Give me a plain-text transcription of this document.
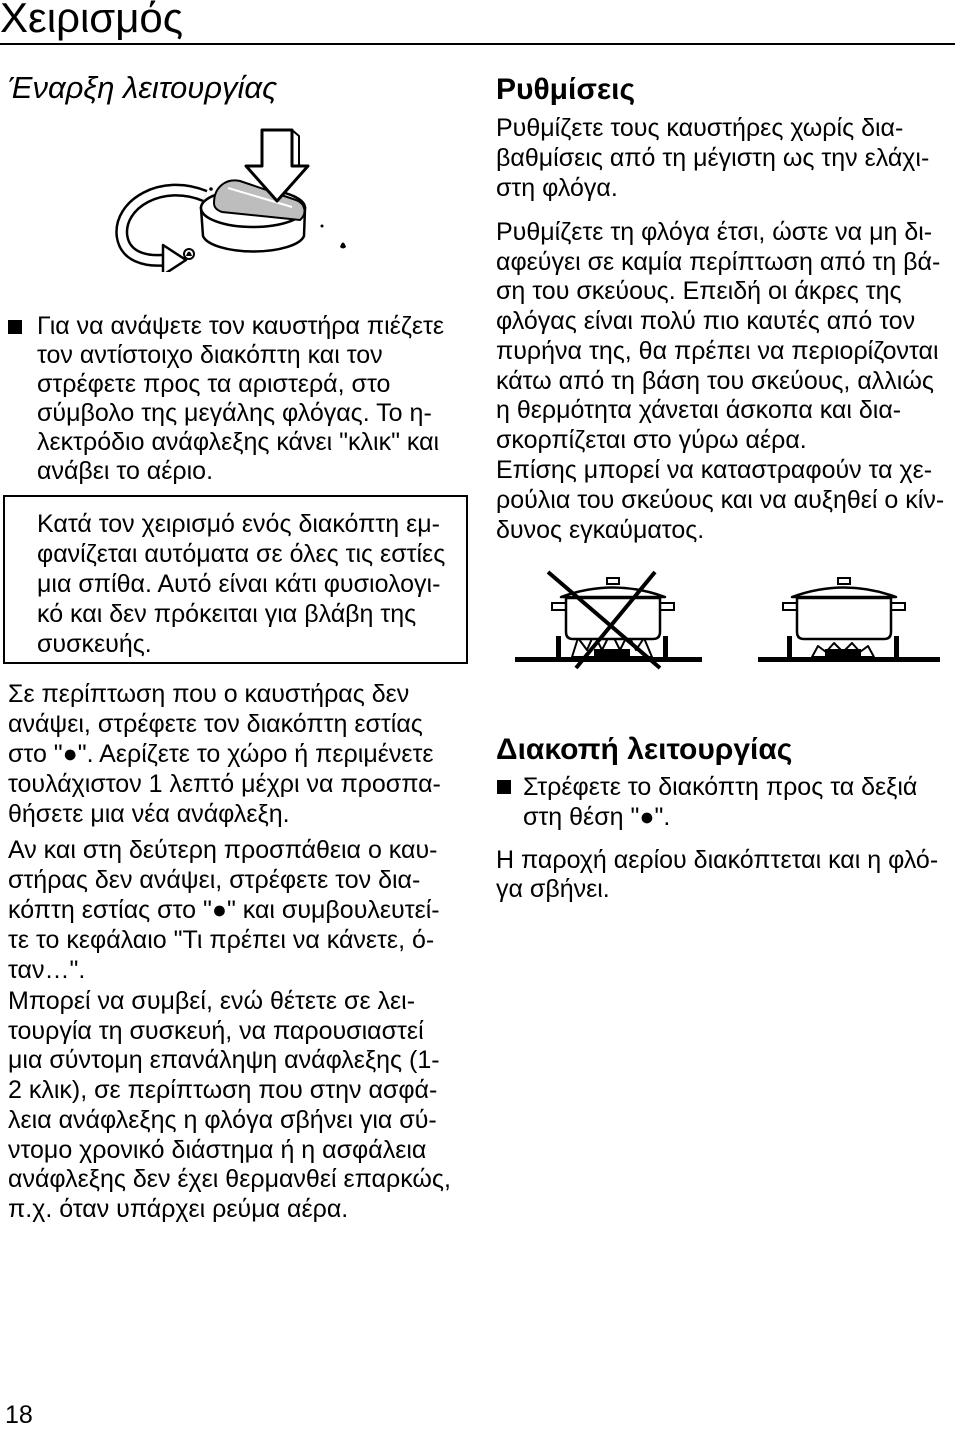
Χειρισμός
Έναρξη λειτουργίας
Για να ανάψετε τον καυστήρα πιέζετε
τον αντίστοιχο διακόπτη και τον
στρέφετε προς τα αριστερά, στο
σύμβολο της μεγάλης φλόγας. Το η-
λεκτρόδιο ανάφλεξης κάνει "κλικ" και
ανάβει το αέριο.
Κατά τον χειρισμό ενός διακόπτη εμ-
φανίζεται αυτόματα σε όλες τις εστίες
μια σπίθα. Αυτό είναι κάτι φυσιολογι-
κό και δεν πρόκειται για βλάβη της
συσκευής.
Σε περίπτωση που ο καυστήρας δεν
ανάψει, στρέφετε τον διακόπτη εστίας
στο "●". Αερίζετε το χώρο ή περιμένετε
τουλάχιστον 1 λεπτό μέχρι να προσπα-
θήσετε μια νέα ανάφλεξη.
Αν και στη δεύτερη προσπάθεια ο καυ-
στήρας δεν ανάψει, στρέφετε τον δια-
κόπτη εστίας στο "●" και συμβουλευτεί-
τε το κεφάλαιο "Τι πρέπει να κάνετε, ό-
ταν…".
Μπορεί να συμβεί, ενώ θέτετε σε λει-
τουργία τη συσκευή, να παρουσιαστεί
μια σύντομη επανάληψη ανάφλεξης (1-
2 κλικ), σε περίπτωση που στην ασφά-
λεια ανάφλεξης η φλόγα σβήνει για σύ-
ντομο χρονικό διάστημα ή η ασφάλεια
ανάφλεξης δεν έχει θερμανθεί επαρκώς,
π.χ. όταν υπάρχει ρεύμα αέρα.
Ρυθμίσεις
Ρυθμίζετε τους καυστήρες χωρίς δια-
βαθμίσεις από τη μέγιστη ως την ελάχι-
στη φλόγα.
Ρυθμίζετε τη φλόγα έτσι, ώστε να μη δι-
αφεύγει σε καμία περίπτωση από τη βά-
ση του σκεύους. Επειδή οι άκρες της
φλόγας είναι πολύ πιο καυτές από τον
πυρήνα της, θα πρέπει να περιορίζονται
κάτω από τη βάση του σκεύους, αλλιώς
η θερμότητα χάνεται άσκοπα και δια-
σκορπίζεται στο γύρω αέρα.
Επίσης μπορεί να καταστραφούν τα χε-
ρούλια του σκεύους και να αυξηθεί ο κίν-
δυνος εγκαύματος.
Διακοπή λειτουργίας
Στρέφετε το διακόπτη προς τα δεξιά
στη θέση "●".
Η παροχή αερίου διακόπτεται και η φλό-
γα σβήνει.
18
